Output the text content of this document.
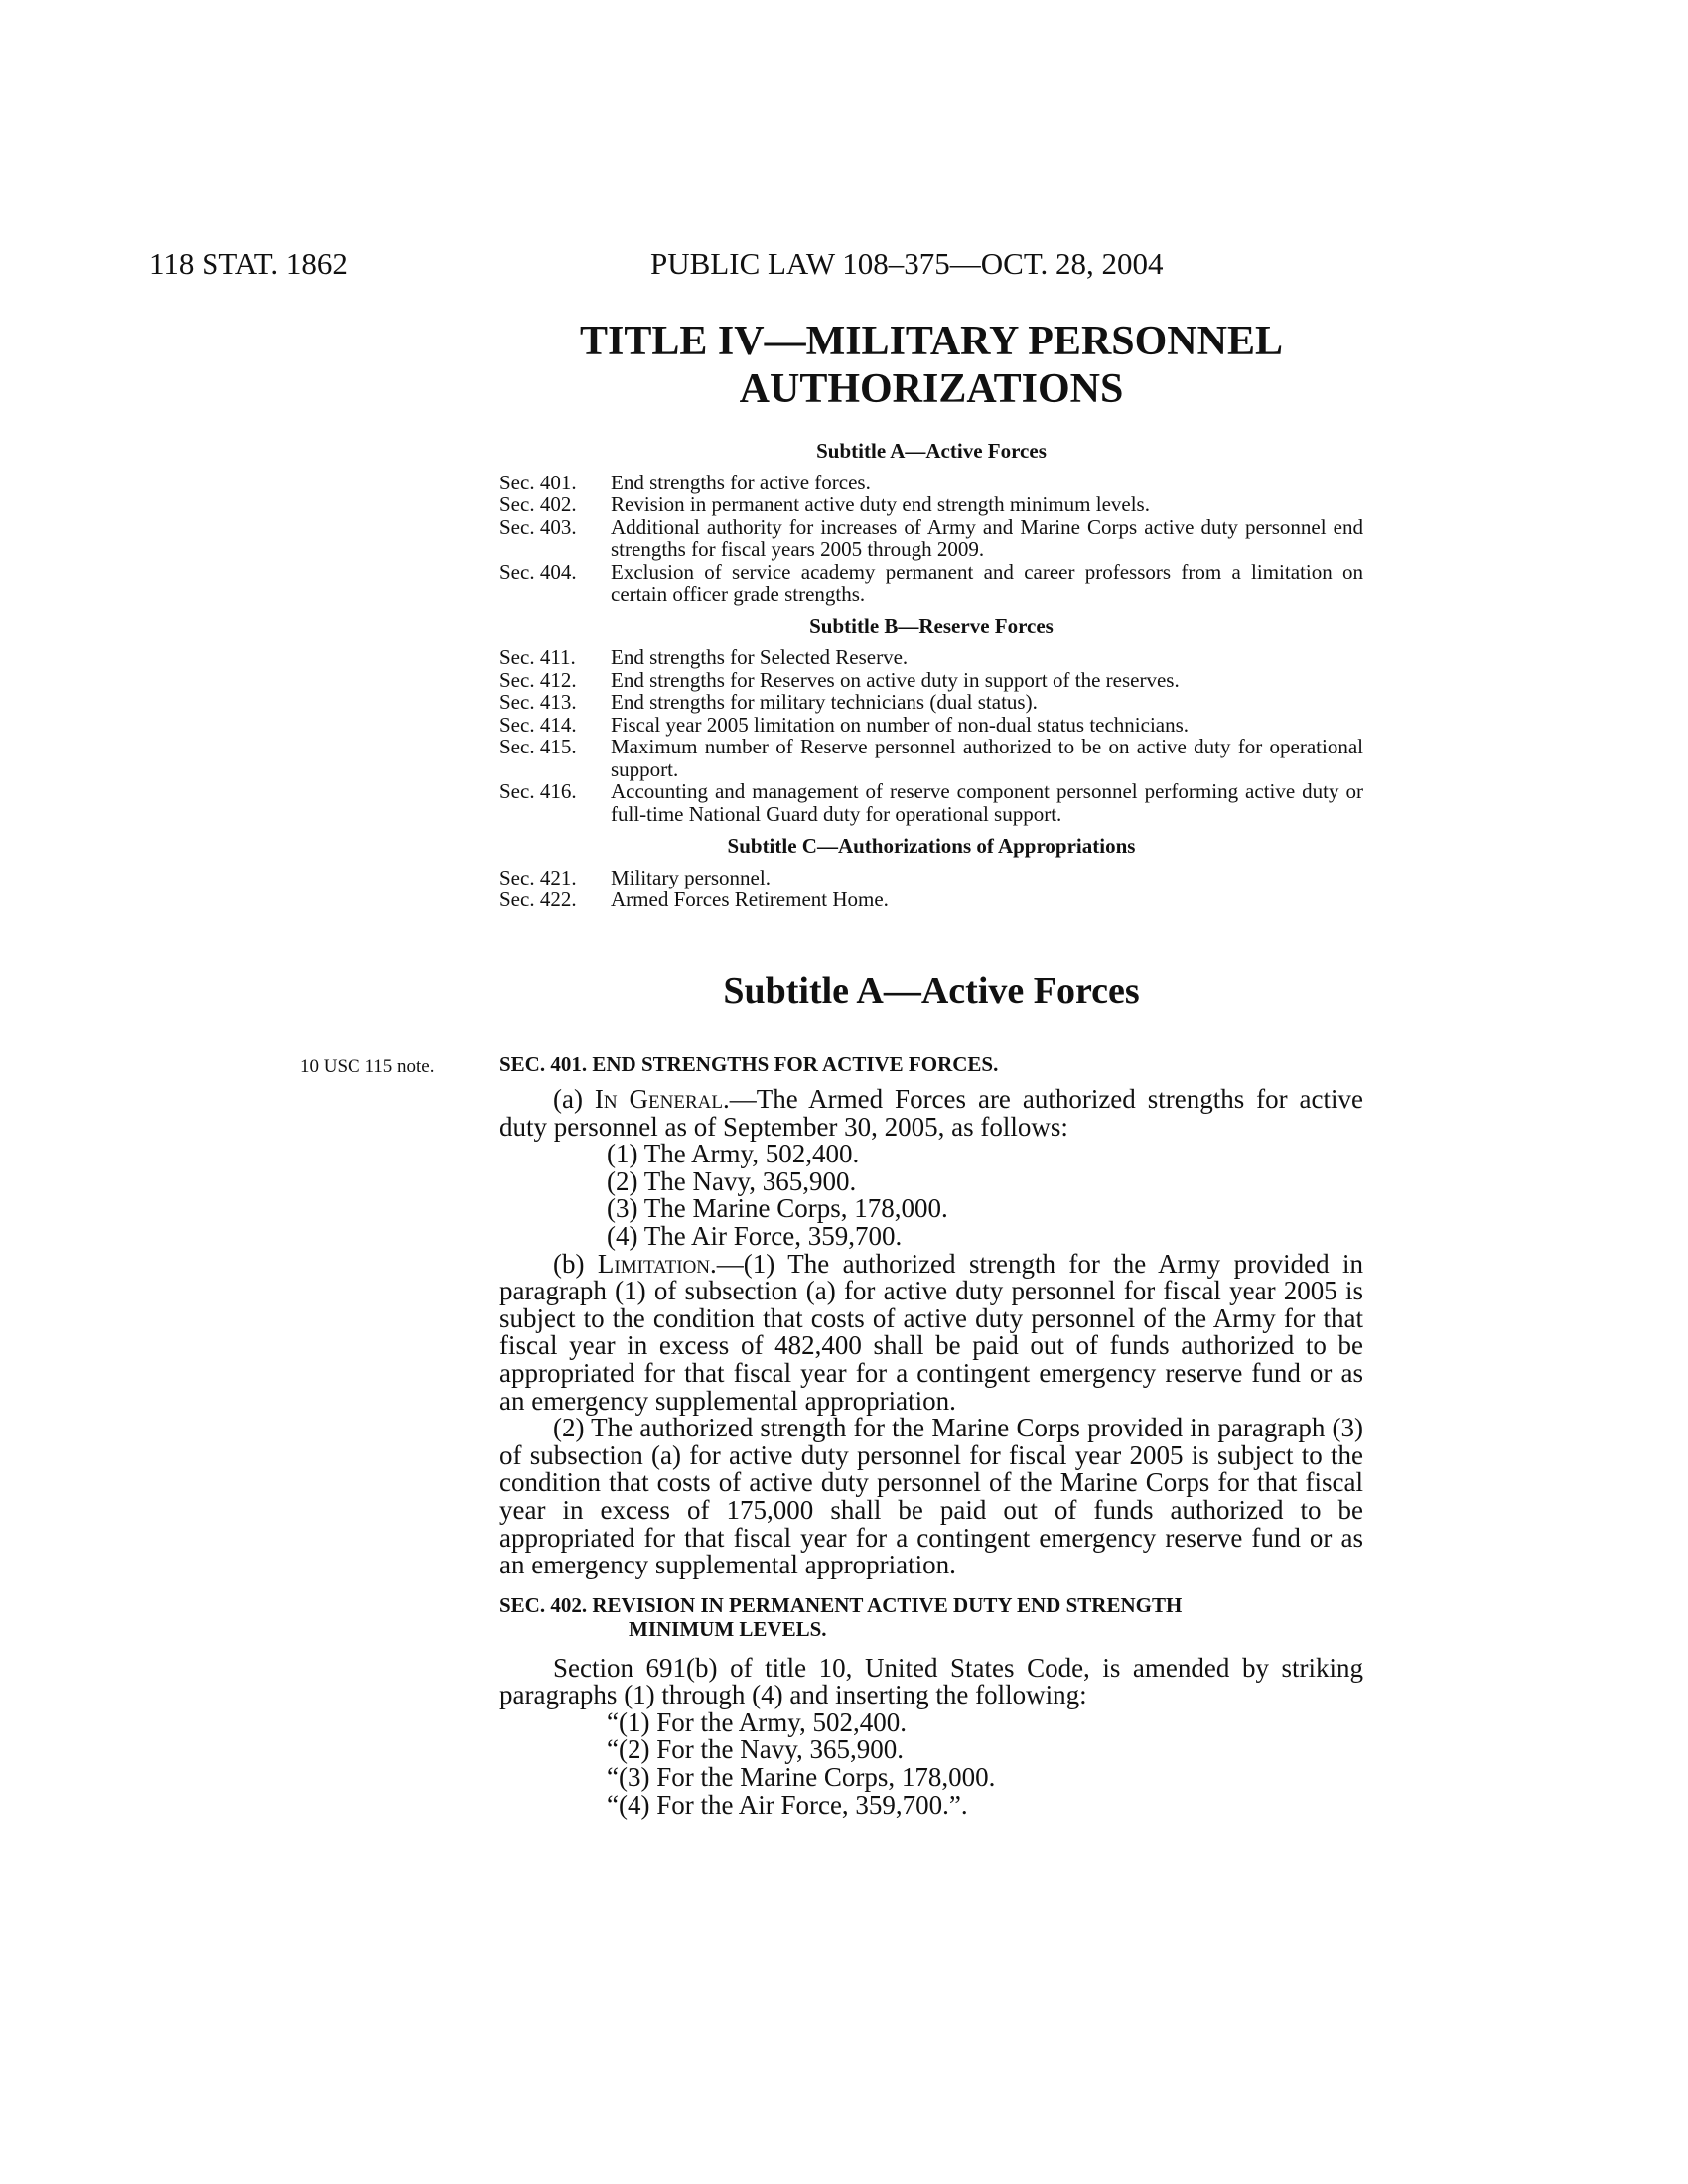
118 STAT. 1862	PUBLIC LAW 108–375—OCT. 28, 2004
TITLE IV—MILITARY PERSONNEL
AUTHORIZATIONS
Subtitle A—Active Forces
Sec. 401.	End strengths for active forces.
Sec. 402.	Revision in permanent active duty end strength minimum levels.
Sec. 403.	Additional authority for increases of Army and Marine Corps active duty personnel end strengths for fiscal years 2005 through 2009.
Sec. 404.	Exclusion of service academy permanent and career professors from a limitation on certain officer grade strengths.
Subtitle B—Reserve Forces
Sec. 411.	End strengths for Selected Reserve.
Sec. 412.	End strengths for Reserves on active duty in support of the reserves.
Sec. 413.	End strengths for military technicians (dual status).
Sec. 414.	Fiscal year 2005 limitation on number of non-dual status technicians.
Sec. 415.	Maximum number of Reserve personnel authorized to be on active duty for operational support.
Sec. 416.	Accounting and management of reserve component personnel performing active duty or full-time National Guard duty for operational support.
Subtitle C—Authorizations of Appropriations
Sec. 421.	Military personnel.
Sec. 422.	Armed Forces Retirement Home.
Subtitle A—Active Forces
10 USC 115 note.	SEC. 401. END STRENGTHS FOR ACTIVE FORCES.

(a) In General.—The Armed Forces are authorized strengths for active duty personnel as of September 30, 2005, as follows:

(1) The Army, 502,400.
(2) The Navy, 365,900.
(3) The Marine Corps, 178,000.
(4) The Air Force, 359,700.

(b) Limitation.—(1) The authorized strength for the Army provided in paragraph (1) of subsection (a) for active duty personnel for fiscal year 2005 is subject to the condition that costs of active duty personnel of the Army for that fiscal year in excess of 482,400 shall be paid out of funds authorized to be appropriated for that fiscal year for a contingent emergency reserve fund or as an emergency supplemental appropriation.

(2) The authorized strength for the Marine Corps provided in paragraph (3) of subsection (a) for active duty personnel for fiscal year 2005 is subject to the condition that costs of active duty personnel of the Marine Corps for that fiscal year in excess of 175,000 shall be paid out of funds authorized to be appropriated for that fiscal year for a contingent emergency reserve fund or as an emergency supplemental appropriation.

SEC. 402. REVISION IN PERMANENT ACTIVE DUTY END STRENGTH
MINIMUM LEVELS.

Section 691(b) of title 10, United States Code, is amended by striking paragraphs (1) through (4) and inserting the following:

“(1) For the Army, 502,400.
“(2) For the Navy, 365,900.
“(3) For the Marine Corps, 178,000.
“(4) For the Air Force, 359,700.”.
